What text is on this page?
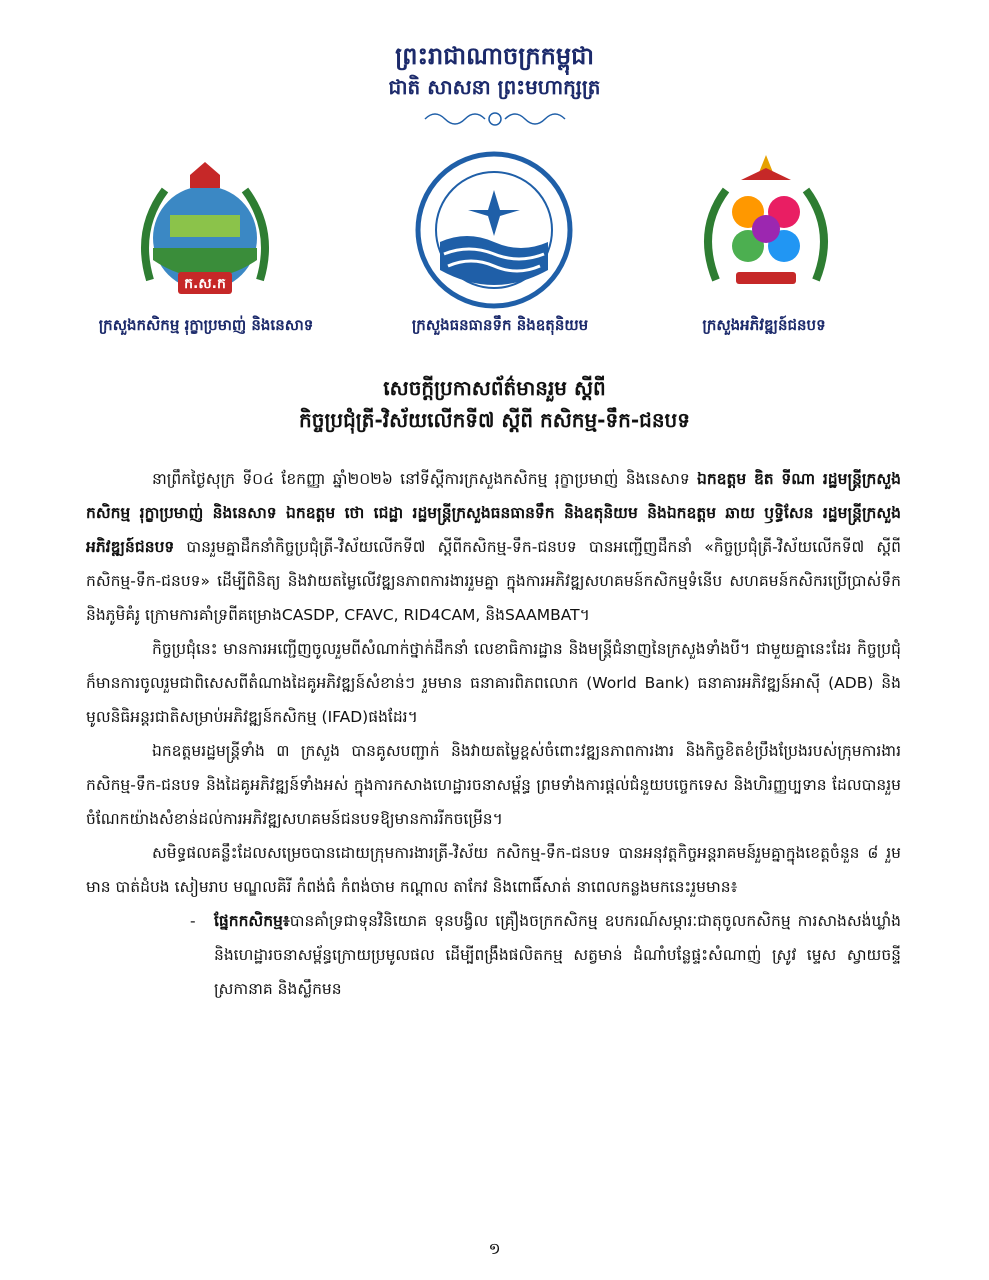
ព្រះរាជាណាចក្រកម្ពុជា
ជាតិ សាសនា ព្រះមហាក្សត្រ
ក.ស.ក
ក្រសួងកសិកម្ម រុក្ខាប្រមាញ់ និងនេសាទ	ក្រសួងធនធានទឹក និងឧតុនិយម	ក្រសួងអភិវឌ្ឍន៍ជនបទ
សេចក្តីប្រកាសព័ត៌មានរួម ស្តីពី
កិច្ចប្រជុំត្រី-វិស័យលើកទី៧ ស្តីពី កសិកម្ម-ទឹក-ជនបទ

នាព្រឹកថ្ងៃសុក្រ ទី០៤ ខែកញ្ញា ឆ្នាំ២០២៦ នៅទីស្តីការក្រសួងកសិកម្ម រុក្ខាប្រមាញ់ និងនេសាទ ឯកឧត្តម ឌិត ទីណា រដ្ឋមន្ត្រីក្រសួងកសិកម្ម រុក្ខាប្រមាញ់ និងនេសាទ ឯកឧត្តម ថោ ជេដ្ឋា រដ្ឋមន្ត្រីក្រសួងធនធានទឹក និងឧតុនិយម និងឯកឧត្តម ឆាយ ឫទ្ធិសែន រដ្ឋមន្ត្រីក្រសួងអភិវឌ្ឍន៍ជនបទ បានរួមគ្នាដឹកនាំកិច្ចប្រជុំត្រី-វិស័យលើកទី៧ ស្តីពីកសិកម្ម-ទឹក-ជនបទ បានអញ្ជើញដឹកនាំ «កិច្ចប្រជុំត្រី-វិស័យលើកទី៧ ស្តីពីកសិកម្ម-ទឹក-ជនបទ» ដើម្បីពិនិត្យ និងវាយតម្លៃលើវឌ្ឍនភាពការងាររួមគ្នា ក្នុងការអភិវឌ្ឍសហគមន៍កសិកម្មទំនើប សហគមន៍កសិករប្រើប្រាស់ទឹក និងភូមិគំរូ ក្រោមការគាំទ្រពីគម្រោងCASDP, CFAVC, RID4CAM, និងSAAMBAT។

កិច្ចប្រជុំនេះ មានការអញ្ជើញចូលរួមពីសំណាក់ថ្នាក់ដឹកនាំ លេខាធិការដ្ឋាន និងមន្ត្រីជំនាញនៃក្រសួងទាំងបី។ ជាមួយគ្នានេះដែរ កិច្ចប្រជុំក៏មានការចូលរួមជាពិសេសពីតំណាងដៃគូអភិវឌ្ឍន៍សំខាន់ៗ រួមមាន ធនាគារពិភពលោក (World Bank) ធនាគារអភិវឌ្ឍន៍អាស៊ី (ADB) និងមូលនិធិអន្តរជាតិសម្រាប់អភិវឌ្ឍន៍កសិកម្ម (IFAD)ផងដែរ។

ឯកឧត្តមរដ្ឋមន្ត្រីទាំង ៣ ក្រសួង បានគូសបញ្ជាក់ និងវាយតម្លៃខ្ពស់ចំពោះវឌ្ឍនភាពការងារ និងកិច្ចខិតខំប្រឹងប្រែងរបស់ក្រុមការងារកសិកម្ម-ទឹក-ជនបទ និងដៃគូអភិវឌ្ឍន៍ទាំងអស់ ក្នុងការកសាងហេដ្ឋារចនាសម្ព័ន្ធ ព្រមទាំងការផ្តល់ជំនួយបច្ចេកទេស និងហិរញ្ញប្បទាន ដែលបានរួមចំណែកយ៉ាងសំខាន់ដល់ការអភិវឌ្ឍសហគមន៍ជនបទឱ្យមានការរីកចម្រើន។

សមិទ្ធផលគន្លឹះដែលសម្រេចបានដោយក្រុមការងារត្រី-វិស័យ កសិកម្ម-ទឹក-ជនបទ បានអនុវត្តកិច្ចអន្តរាគមន៍រួមគ្នាក្នុងខេត្តចំនួន ៨ រួមមាន បាត់ដំបង សៀមរាប មណ្ឌលគិរី កំពង់ធំ កំពង់ចាម កណ្តាល តាកែវ និងពោធិ៍សាត់ នាពេលកន្លងមកនេះរួមមាន៖

- ផ្នែកកសិកម្ម៖បានគាំទ្រជាទុនវិនិយោគ ទុនបង្វិល គ្រឿងចក្រកសិកម្ម ឧបករណ៍សម្ភារៈជាតុចូលកសិកម្ម ការសាងសង់ឃ្លាំង និងហេដ្ឋារចនាសម្ព័ន្ធក្រោយប្រមូលផល ដើម្បីពង្រឹងផលិតកម្ម សត្វមាន់ ដំណាំបន្លែផ្ទះសំណាញ់ ស្រូវ ម្ទេស ស្វាយចន្ទី ស្រកានាគ និងស្លឹកមន

១
